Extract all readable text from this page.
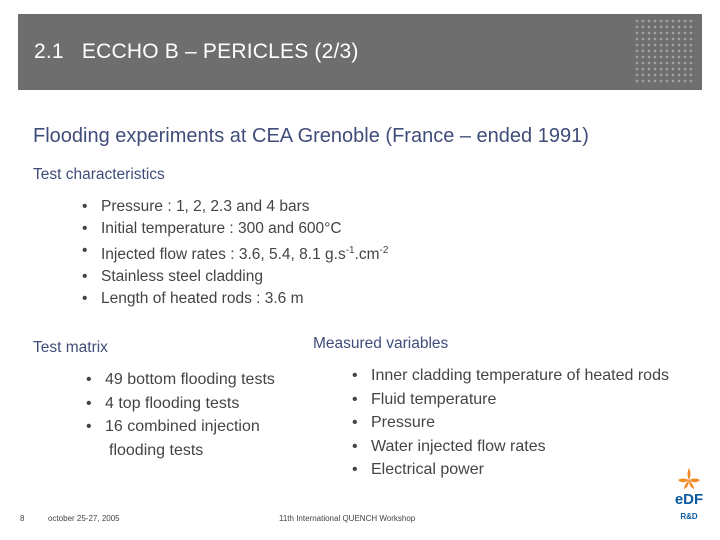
2.1   ECCHO B – PERICLES (2/3)
Flooding experiments at CEA Grenoble (France – ended 1991)
Test characteristics
• Pressure : 1, 2, 2.3 and 4 bars
• Initial temperature : 300 and 600°C
• Injected flow rates : 3.6, 5.4, 8.1 $g.s^{-1}.cm^{-2}$
• Stainless steel cladding
• Length of heated rods : 3.6 m
Test matrix
• 49 bottom flooding tests
• 4 top flooding tests
• 16 combined injection
flooding tests
Measured variables
• Inner cladding temperature of heated rods
• Fluid temperature
• Pressure
• Water injected flow rates
• Electrical power
8	october 25-27, 2005	11th International QUENCH Workshop
eDF
R&D
